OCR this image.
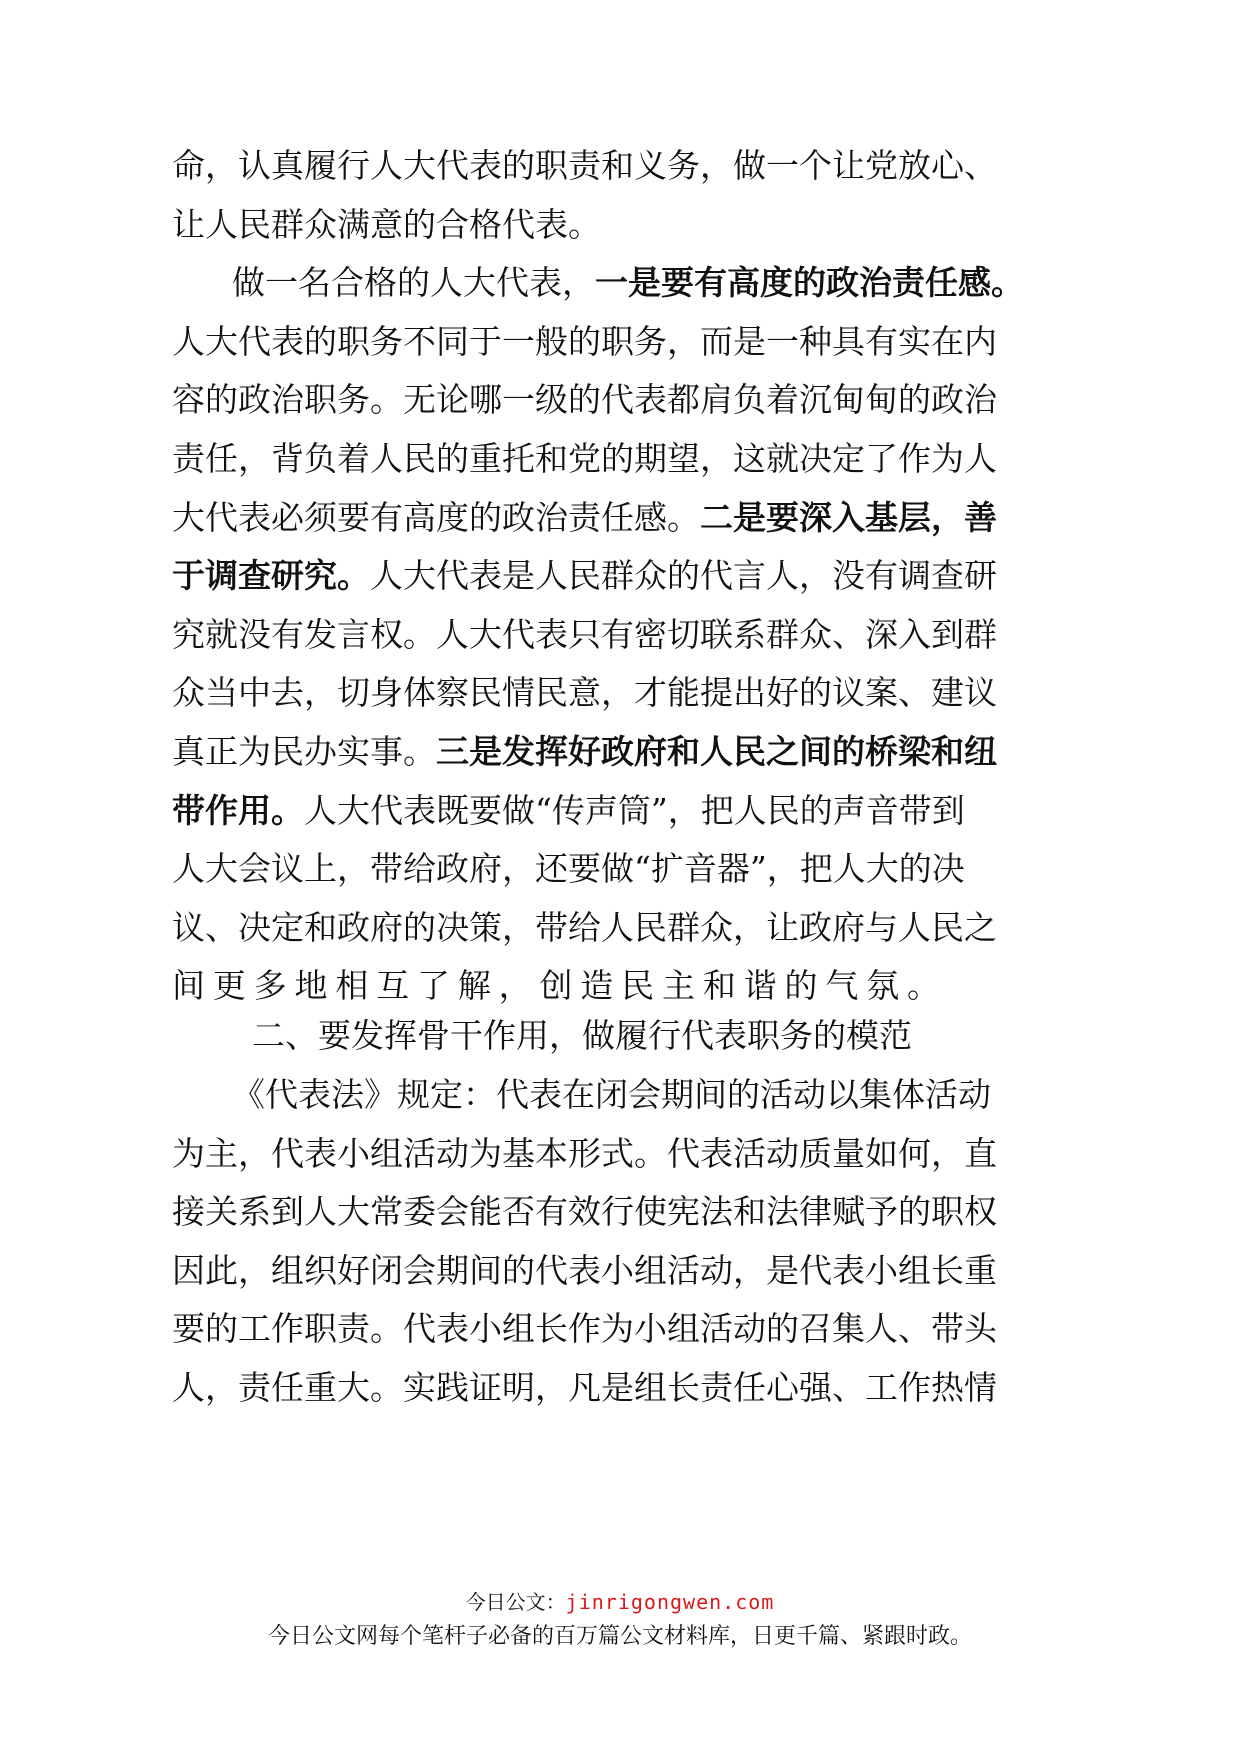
命，认真履行人大代表的职责和义务，做一个让党放心、
让人民群众满意的合格代表。
做一名合格的人大代表，一是要有高度的政治责任感。
人大代表的职务不同于一般的职务，而是一种具有实在内
容的政治职务。无论哪一级的代表都肩负着沉甸甸的政治
责任，背负着人民的重托和党的期望，这就决定了作为人
大代表必须要有高度的政治责任感。二是要深入基层，善
于调查研究。人大代表是人民群众的代言人，没有调查研
究就没有发言权。人大代表只有密切联系群众、深入到群
众当中去，切身体察民情民意，才能提出好的议案、建议
真正为民办实事。三是发挥好政府和人民之间的桥梁和纽
带作用。人大代表既要做“传声筒”，把人民的声音带到
人大会议上，带给政府，还要做“扩音器”，把人大的决
议、决定和政府的决策，带给人民群众，让政府与人民之
间更多地相互了解，创造民主和谐的气氛。
二、要发挥骨干作用，做履行代表职务的模范
《代表法》规定：代表在闭会期间的活动以集体活动
为主，代表小组活动为基本形式。代表活动质量如何，直
接关系到人大常委会能否有效行使宪法和法律赋予的职权
因此，组织好闭会期间的代表小组活动，是代表小组长重
要的工作职责。代表小组长作为小组活动的召集人、带头
人，责任重大。实践证明，凡是组长责任心强、工作热情
今日公文：jinrigongwen.com
今日公文网每个笔杆子必备的百万篇公文材料库，日更千篇、紧跟时政。
